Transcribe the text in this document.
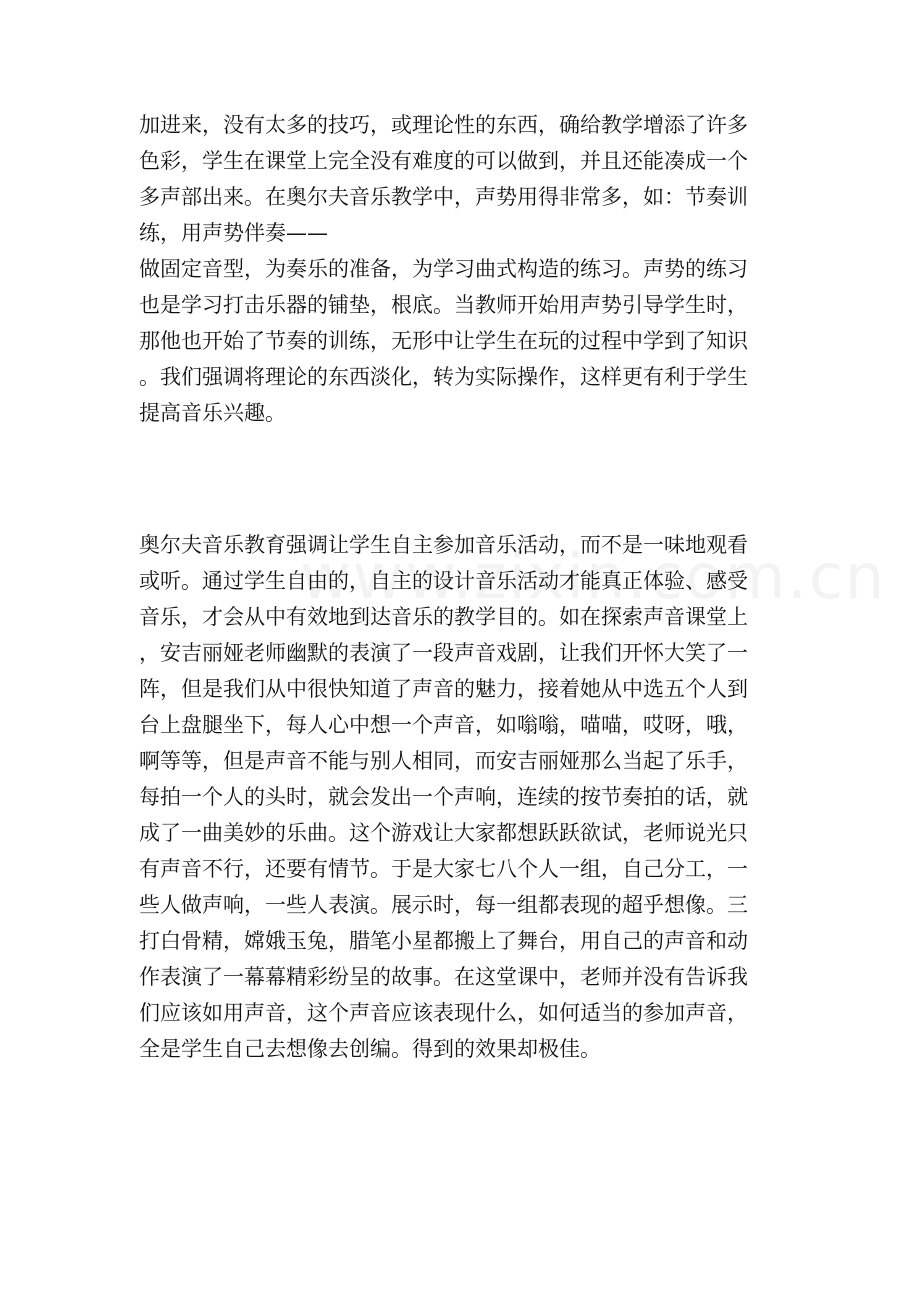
加进来，没有太多的技巧，或理论性的东西，确给教学增添了许多
色彩，学生在课堂上完全没有难度的可以做到，并且还能凑成一个
多声部出来。在奥尔夫音乐教学中，声势用得非常多，如：节奏训
练，用声势伴奏——
做固定音型，为奏乐的准备，为学习曲式构造的练习。声势的练习
也是学习打击乐器的铺垫，根底。当教师开始用声势引导学生时，
那他也开始了节奏的训练，无形中让学生在玩的过程中学到了知识
。我们强调将理论的东西淡化，转为实际操作，这样更有利于学生
提高音乐兴趣。
奥尔夫音乐教育强调让学生自主参加音乐活动，而不是一味地观看
或听。通过学生自由的，自主的设计音乐活动才能真正体验、感受
音乐，才会从中有效地到达音乐的教学目的。如在探索声音课堂上
，安吉丽娅老师幽默的表演了一段声音戏剧，让我们开怀大笑了一
阵，但是我们从中很快知道了声音的魅力，接着她从中选五个人到
台上盘腿坐下，每人心中想一个声音，如嗡嗡，喵喵，哎呀，哦，
啊等等，但是声音不能与别人相同，而安吉丽娅那么当起了乐手，
每拍一个人的头时，就会发出一个声响，连续的按节奏拍的话，就
成了一曲美妙的乐曲。这个游戏让大家都想跃跃欲试，老师说光只
有声音不行，还要有情节。于是大家七八个人一组，自己分工，一
些人做声响，一些人表演。展示时，每一组都表现的超乎想像。三
打白骨精，嫦娥玉兔，腊笔小星都搬上了舞台，用自己的声音和动
作表演了一幕幕精彩纷呈的故事。在这堂课中，老师并没有告诉我
们应该如用声音，这个声音应该表现什么，如何适当的参加声音，
全是学生自己去想像去创编。得到的效果却极佳。
